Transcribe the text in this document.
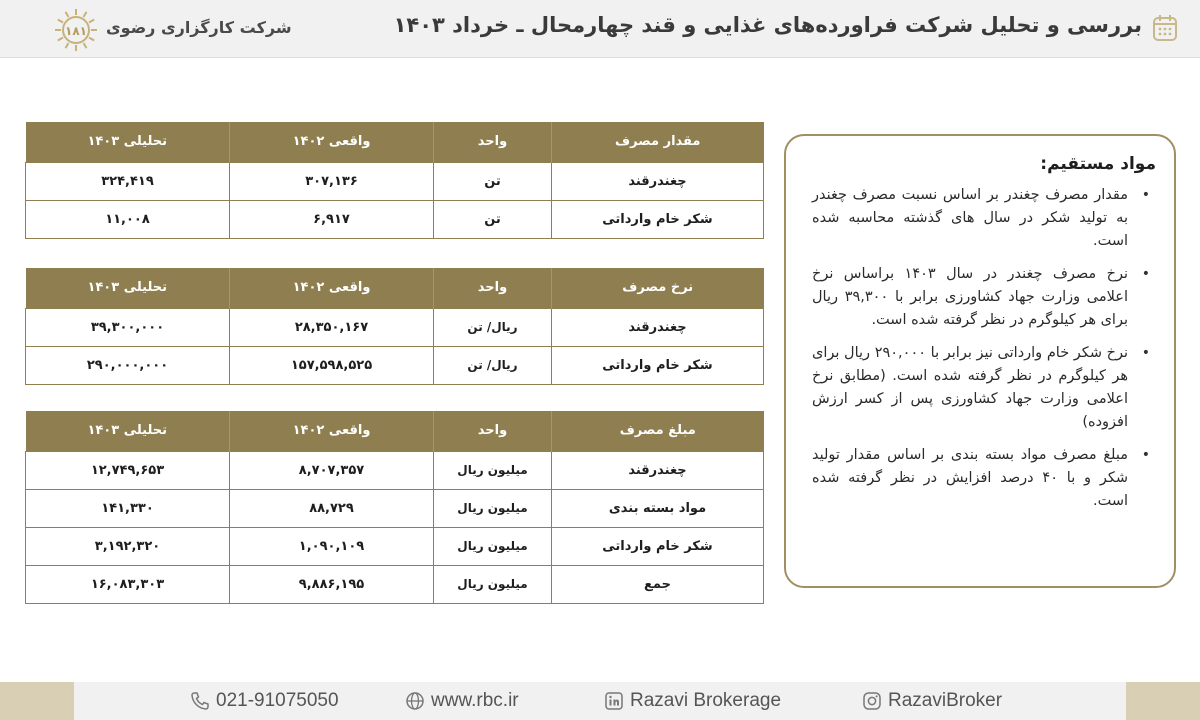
بررسی و تحلیل شرکت فراورده‌های غذایی و قند چهارمحال ـ خرداد ۱۴۰۳
١٨١ شرکت کارگزاری رضوی
مقدار مصرف	واحد	واقعی ۱۴۰۲	تحلیلی ۱۴۰۳
چغندرقند	تن	۳۰۷,۱۳۶	۳۲۴,۴۱۹
شکر خام وارداتی	تن	۶,۹۱۷	۱۱,۰۰۸
نرخ مصرف	واحد	واقعی ۱۴۰۲	تحلیلی ۱۴۰۳
چغندرقند	ریال/ تن	۲۸,۳۵۰,۱۶۷	۳۹,۳۰۰,۰۰۰
شکر خام وارداتی	ریال/ تن	۱۵۷,۵۹۸,۵۲۵	۲۹۰,۰۰۰,۰۰۰
مبلغ مصرف	واحد	واقعی ۱۴۰۲	تحلیلی ۱۴۰۳
چغندرقند	میلیون ریال	۸,۷۰۷,۳۵۷	۱۲,۷۴۹,۶۵۳
مواد بسته بندی	میلیون ریال	۸۸,۷۲۹	۱۴۱,۳۳۰
شکر خام وارداتی	میلیون ریال	۱,۰۹۰,۱۰۹	۳,۱۹۲,۳۲۰
جمع	میلیون ریال	۹,۸۸۶,۱۹۵	۱۶,۰۸۳,۳۰۳
مواد مستقیم:
•
مقدار مصرف چغندر بر اساس نسبت مصرف چغندر به تولید شکر در سال های گذشته محاسبه شده است.
•
نرخ مصرف چغندر در سال ۱۴۰۳ براساس نرخ اعلامی وزارت جهاد کشاورزی برابر با ۳۹,۳۰۰ ریال برای هر کیلوگرم در نظر گرفته شده است.
•
نرخ شکر خام وارداتی نیز برابر با ۲۹۰,۰۰۰ ریال برای هر کیلوگرم در نظر گرفته شده است. (مطابق نرخ اعلامی وزارت جهاد کشاورزی پس از کسر ارزش افزوده)
•
مبلغ مصرف مواد بسته بندی بر اساس مقدار تولید شکر و با ۴۰ درصد افزایش در نظر گرفته شده است.
021-91075050	www.rbc.ir	Razavi Brokerage	RazaviBroker
